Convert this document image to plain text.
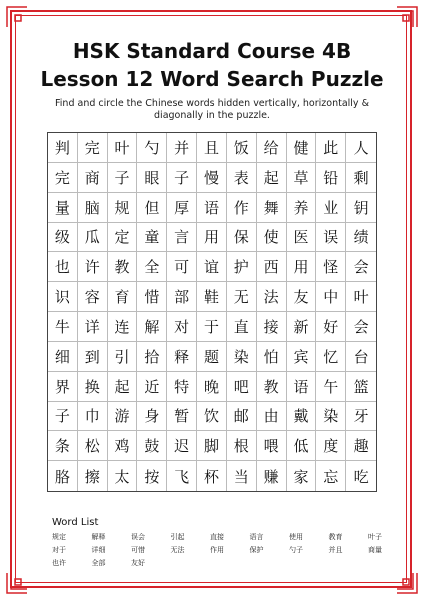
HSK Standard Course 4B
Lesson 12 Word Search Puzzle

Find and circle the Chinese words hidden vertically, horizontally & diagonally in the puzzle.

判 完 叶 勺 并 且 饭 给 健 此	人
完 商 子 眼 子 慢 表 起 草 铅	剩
量 脑 规 但 厚 语 作 舞 养 业	钥
级 瓜 定 童 言 用 保 使 医 误	绩
也 许 教 全 可 谊 护 西 用 怪	会
识 容 育 惜 部 鞋 无 法 友 中	叶
牛 详 连 解 对 于 直 接 新 好	会
细 到 引 拾 释 题 染 怕 宾 忆	台
界 换 起 近 特 晚 吧 教 语 午	篮
子 巾 游 身 暂 饮 邮 由 戴 染	牙
条 松 鸡 鼓 迟 脚 根 喂 低 度	趣
胳 擦 太 按 飞 杯 当 赚 家 忘	吃

Word List

规定	解释	误会	引起	直接	语言	使用	教育	叶子
对于	详细	可惜	无法	作用	保护	勺子	并且	商量
也许	全部	友好
